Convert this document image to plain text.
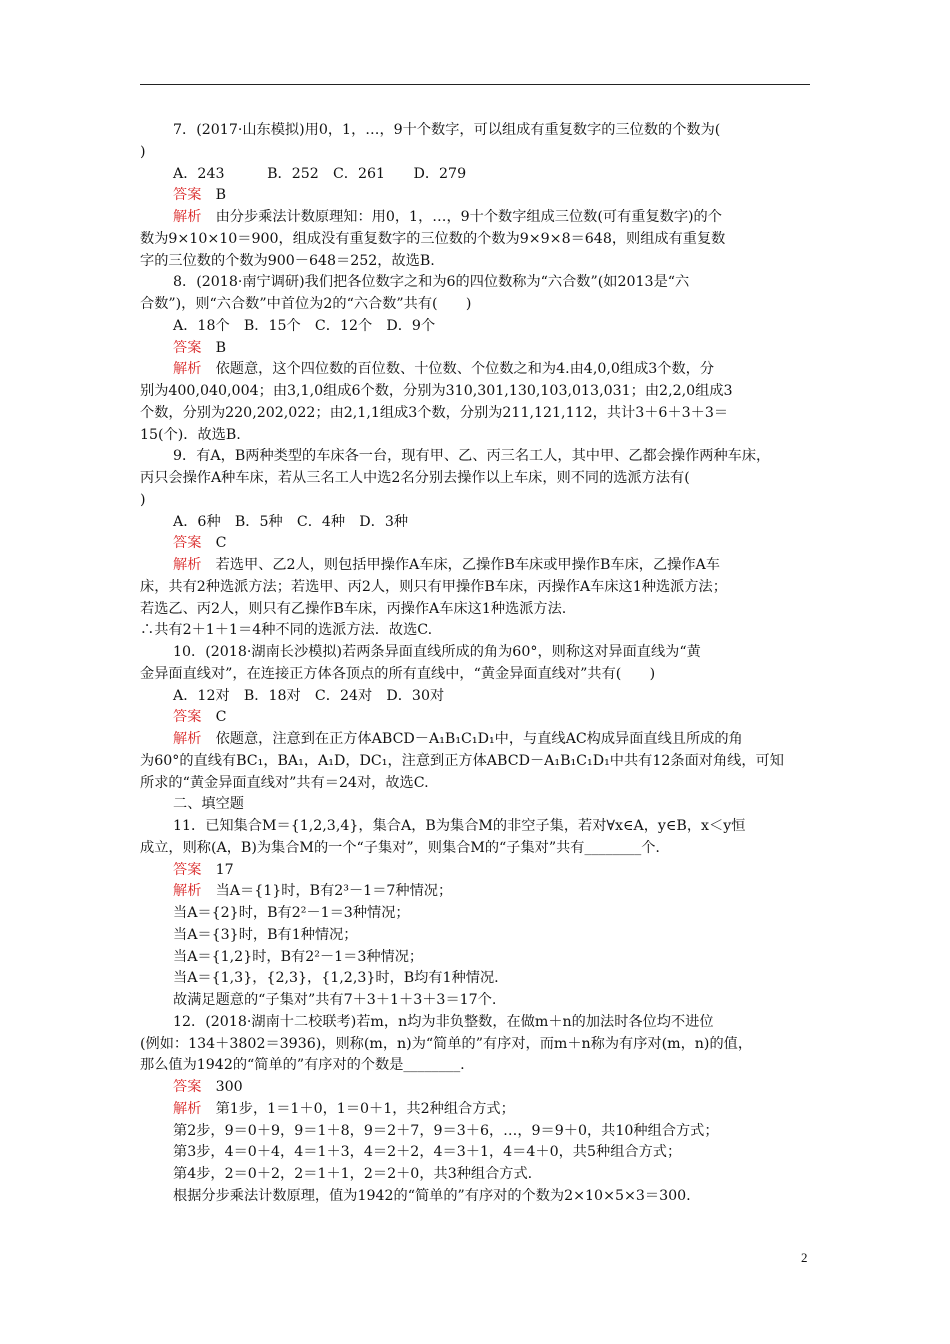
7．(2017·山东模拟)用0，1，…，9十个数字，可以组成有重复数字的三位数的个数为(
)
A．243　　　B．252　C．261　　D．279
答案　B
解析　由分步乘法计数原理知：用0，1，…，9十个数字组成三位数(可有重复数字)的个
数为9×10×10＝900，组成没有重复数字的三位数的个数为9×9×8＝648，则组成有重复数
字的三位数的个数为900－648＝252，故选B.
8．(2018·南宁调研)我们把各位数字之和为6的四位数称为“六合数”(如2013是“六
合数”)，则“六合数”中首位为2的“六合数”共有(　　)
A．18个　B．15个　C．12个　D．9个
答案　B
解析　依题意，这个四位数的百位数、十位数、个位数之和为4.由4,0,0组成3个数，分
别为400,040,004；由3,1,0组成6个数，分别为310,301,130,103,013,031；由2,2,0组成3
个数，分别为220,202,022；由2,1,1组成3个数，分别为211,121,112，共计3＋6＋3＋3＝
15(个)．故选B.
9．有A，B两种类型的车床各一台，现有甲、乙、丙三名工人，其中甲、乙都会操作两种车床，
丙只会操作A种车床，若从三名工人中选2名分别去操作以上车床，则不同的选派方法有(
)
A．6种　B．5种　C．4种　D．3种
答案　C
解析　若选甲、乙2人，则包括甲操作A车床，乙操作B车床或甲操作B车床，乙操作A车
床，共有2种选派方法；若选甲、丙2人，则只有甲操作B车床，丙操作A车床这1种选派方法；
若选乙、丙2人，则只有乙操作B车床，丙操作A车床这1种选派方法.
∴共有2＋1＋1＝4种不同的选派方法．故选C.
10．(2018·湖南长沙模拟)若两条异面直线所成的角为60°，则称这对异面直线为“黄
金异面直线对”，在连接正方体各顶点的所有直线中，“黄金异面直线对”共有(　　)
A．12对　B．18对　C．24对　D．30对
答案　C
解析　依题意，注意到在正方体ABCD－A₁B₁C₁D₁中，与直线AC构成异面直线且所成的角
为60°的直线有BC₁，BA₁，A₁D，DC₁，注意到正方体ABCD－A₁B₁C₁D₁中共有12条面对角线，可知
所求的“黄金异面直线对”共有＝24对，故选C.
二、填空题
11．已知集合M＝{1,2,3,4}，集合A，B为集合M的非空子集，若对∀x∈A，y∈B，x＜y恒
成立，则称(A，B)为集合M的一个“子集对”，则集合M的“子集对”共有________个.
答案　17
解析　当A＝{1}时，B有2³－1＝7种情况；
当A＝{2}时，B有2²－1＝3种情况；
当A＝{3}时，B有1种情况；
当A＝{1,2}时，B有2²－1＝3种情况；
当A＝{1,3}，{2,3}，{1,2,3}时，B均有1种情况.
故满足题意的“子集对”共有7＋3＋1＋3＋3＝17个.
12．(2018·湖南十二校联考)若m，n均为非负整数，在做m＋n的加法时各位均不进位
(例如：134＋3802＝3936)，则称(m，n)为“简单的”有序对，而m＋n称为有序对(m，n)的值，
那么值为1942的“简单的”有序对的个数是________.
答案　300
解析　第1步，1＝1＋0，1＝0＋1，共2种组合方式；
第2步，9＝0＋9，9＝1＋8，9＝2＋7，9＝3＋6，…，9＝9＋0，共10种组合方式；
第3步，4＝0＋4，4＝1＋3，4＝2＋2，4＝3＋1，4＝4＋0，共5种组合方式；
第4步，2＝0＋2，2＝1＋1，2＝2＋0，共3种组合方式.
根据分步乘法计数原理，值为1942的“简单的”有序对的个数为2×10×5×3＝300.
2
